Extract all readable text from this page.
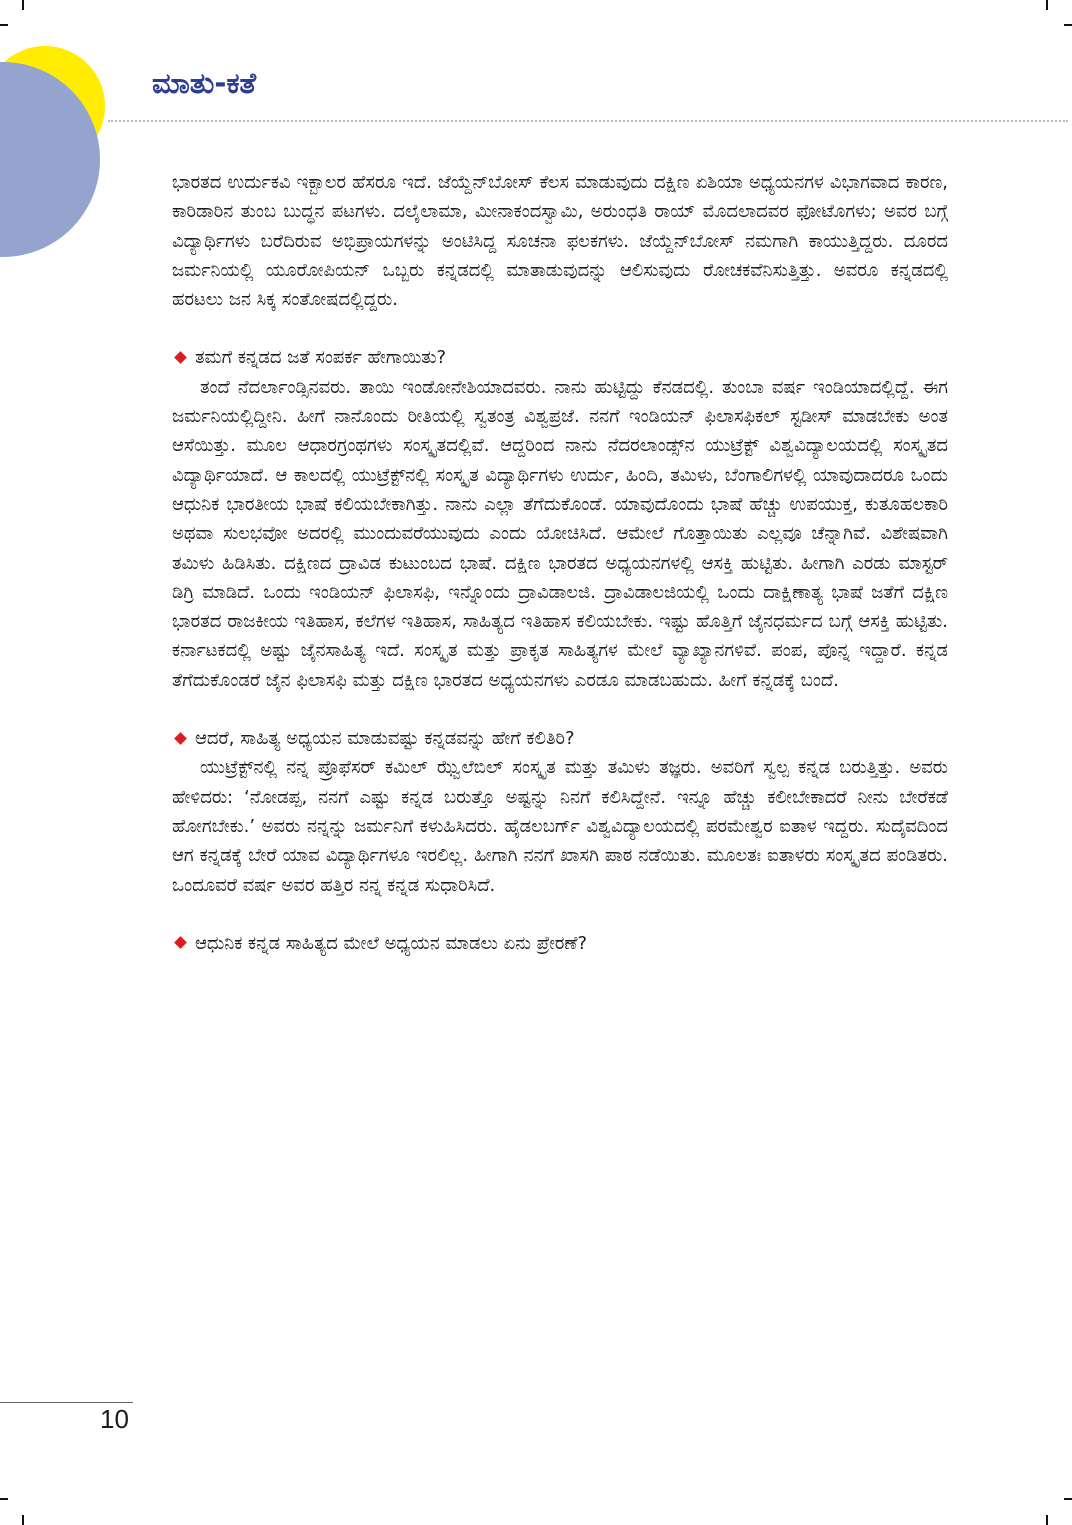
ಮಾತು-ಕತೆ

ಭಾರತದ ಉರ್ದುಕವಿ ಇಕ್ಬಾಲರ ಹೆಸರೂ ಇದೆ. ಜೆಯ್ದೆನ್‌ಬೋಸ್ ಕೆಲಸ ಮಾಡುವುದು ದಕ್ಷಿಣ ಏಶಿಯಾ ಅಧ್ಯಯನಗಳ ವಿಭಾಗವಾದ ಕಾರಣ, ಕಾರಿಡಾರಿನ ತುಂಬ ಬುದ್ಧನ ಪಟಗಳು. ದಲೈಲಾಮಾ, ಮೀನಾಕಂದಸ್ವಾಮಿ, ಅರುಂಧತಿ ರಾಯ್ ಮೊದಲಾದವರ ಫೋಟೊಗಳು; ಅವರ ಬಗ್ಗೆ ವಿದ್ಯಾರ್ಥಿಗಳು ಬರೆದಿರುವ ಅಭಿಪ್ರಾಯಗಳನ್ನು ಅಂಟಿಸಿದ್ದ ಸೂಚನಾ ಫಲಕಗಳು. ಜೆಯ್ದೆನ್‌ಬೋಸ್ ನಮಗಾಗಿ ಕಾಯುತ್ತಿದ್ದರು. ದೂರದ ಜರ್ಮನಿಯಲ್ಲಿ ಯೂರೋಪಿಯನ್ ಒಬ್ಬರು ಕನ್ನಡದಲ್ಲಿ ಮಾತಾಡುವುದನ್ನು ಆಲಿಸುವುದು ರೋಚಕವೆನಿಸುತ್ತಿತ್ತು. ಅವರೂ ಕನ್ನಡದಲ್ಲಿ ಹರಟಲು ಜನ ಸಿಕ್ಕ ಸಂತೋಷದಲ್ಲಿದ್ದರು.

ತಮಗೆ ಕನ್ನಡದ ಜತೆ ಸಂಪರ್ಕ ಹೇಗಾಯಿತು?

ತಂದೆ ನೆದರ್ಲಾಂಡ್ಸಿನವರು. ತಾಯಿ ಇಂಡೋನೇಶಿಯಾದವರು. ನಾನು ಹುಟ್ಟಿದ್ದು ಕೆನಡದಲ್ಲಿ. ತುಂಬಾ ವರ್ಷ ಇಂಡಿಯಾದಲ್ಲಿದ್ದೆ. ಈಗ ಜರ್ಮನಿಯಲ್ಲಿದ್ದೀನಿ. ಹೀಗೆ ನಾನೊಂದು ರೀತಿಯಲ್ಲಿ ಸ್ವತಂತ್ರ ವಿಶ್ವಪ್ರಜೆ. ನನಗೆ ಇಂಡಿಯನ್ ಫಿಲಾಸಫಿಕಲ್ ಸ್ಟಡೀಸ್ ಮಾಡಬೇಕು ಅಂತ ಆಸೆಯಿತ್ತು. ಮೂಲ ಆಧಾರಗ್ರಂಥಗಳು ಸಂಸ್ಕೃತದಲ್ಲಿವೆ. ಆದ್ದರಿಂದ ನಾನು ನೆದರಲಾಂಡ್ಸ್‌ನ ಯುಟ್ರೆಕ್ಟ್ ವಿಶ್ವವಿದ್ಯಾಲಯದಲ್ಲಿ ಸಂಸ್ಕೃತದ ವಿದ್ಯಾರ್ಥಿಯಾದೆ. ಆ ಕಾಲದಲ್ಲಿ ಯುಟ್ರೆಕ್ಟ್‌ನಲ್ಲಿ ಸಂಸ್ಕೃತ ವಿದ್ಯಾರ್ಥಿಗಳು ಉರ್ದು, ಹಿಂದಿ, ತಮಿಳು, ಬೆಂಗಾಲಿಗಳಲ್ಲಿ ಯಾವುದಾದರೂ ಒಂದು ಆಧುನಿಕ ಭಾರತೀಯ ಭಾಷೆ ಕಲಿಯಬೇಕಾಗಿತ್ತು. ನಾನು ಎಲ್ಲಾ ತೆಗೆದುಕೊಂಡೆ. ಯಾವುದೊಂದು ಭಾಷೆ ಹೆಚ್ಚು ಉಪಯುಕ್ತ, ಕುತೂಹಲಕಾರಿ ಅಥವಾ ಸುಲಭವೋ ಅದರಲ್ಲಿ ಮುಂದುವರೆಯುವುದು ಎಂದು ಯೋಚಿಸಿದೆ. ಆಮೇಲೆ ಗೊತ್ತಾಯಿತು ಎಲ್ಲವೂ ಚೆನ್ನಾಗಿವೆ. ವಿಶೇಷವಾಗಿ ತಮಿಳು ಹಿಡಿಸಿತು. ದಕ್ಷಿಣದ ದ್ರಾವಿಡ ಕುಟುಂಬದ ಭಾಷೆ. ದಕ್ಷಿಣ ಭಾರತದ ಅಧ್ಯಯನಗಳಲ್ಲಿ ಆಸಕ್ತಿ ಹುಟ್ಟಿತು. ಹೀಗಾಗಿ ಎರಡು ಮಾಸ್ಟರ್ ಡಿಗ್ರಿ ಮಾಡಿದೆ. ಒಂದು ಇಂಡಿಯನ್ ಫಿಲಾಸಫಿ, ಇನ್ನೊಂದು ದ್ರಾವಿಡಾಲಜಿ. ದ್ರಾವಿಡಾಲಜಿಯಲ್ಲಿ ಒಂದು ದಾಕ್ಷಿಣಾತ್ಯ ಭಾಷೆ ಜತೆಗೆ ದಕ್ಷಿಣ ಭಾರತದ ರಾಜಕೀಯ ಇತಿಹಾಸ, ಕಲೆಗಳ ಇತಿಹಾಸ, ಸಾಹಿತ್ಯದ ಇತಿಹಾಸ ಕಲಿಯಬೇಕು. ಇಷ್ಟು ಹೊತ್ತಿಗೆ ಜೈನಧರ್ಮದ ಬಗ್ಗೆ ಆಸಕ್ತಿ ಹುಟ್ಟಿತು. ಕರ್ನಾಟಕದಲ್ಲಿ ಅಷ್ಟು ಜೈನಸಾಹಿತ್ಯ ಇದೆ. ಸಂಸ್ಕೃತ ಮತ್ತು ಪ್ರಾಕೃತ ಸಾಹಿತ್ಯಗಳ ಮೇಲೆ ವ್ಯಾಖ್ಯಾನಗಳಿವೆ. ಪಂಪ, ಪೊನ್ನ ಇದ್ದಾರೆ. ಕನ್ನಡ ತೆಗೆದುಕೊಂಡರೆ ಜೈನ ಫಿಲಾಸಫಿ ಮತ್ತು ದಕ್ಷಿಣ ಭಾರತದ ಅಧ್ಯಯನಗಳು ಎರಡೂ ಮಾಡಬಹುದು. ಹೀಗೆ ಕನ್ನಡಕ್ಕೆ ಬಂದೆ.

ಆದರೆ, ಸಾಹಿತ್ಯ ಅಧ್ಯಯನ ಮಾಡುವಷ್ಟು ಕನ್ನಡವನ್ನು ಹೇಗೆ ಕಲಿತಿರಿ?

ಯುಟ್ರೆಕ್ಟ್‌ನಲ್ಲಿ ನನ್ನ ಪ್ರೊಫೆಸರ್ ಕಮಿಲ್ ಝ್ವೆಲೆಬಿಲ್ ಸಂಸ್ಕೃತ ಮತ್ತು ತಮಿಳು ತಜ್ಞರು. ಅವರಿಗೆ ಸ್ವಲ್ಪ ಕನ್ನಡ ಬರುತ್ತಿತ್ತು. ಅವರು ಹೇಳಿದರು: ‘ನೋಡಪ್ಪ, ನನಗೆ ಎಷ್ಟು ಕನ್ನಡ ಬರುತ್ತೊ ಅಷ್ಟನ್ನು ನಿನಗೆ ಕಲಿಸಿದ್ದೇನೆ. ಇನ್ನೂ ಹೆಚ್ಚು ಕಲೀಬೇಕಾದರೆ ನೀನು ಬೇರೆಕಡೆ ಹೋಗಬೇಕು.’ ಅವರು ನನ್ನನ್ನು ಜರ್ಮನಿಗೆ ಕಳುಹಿಸಿದರು. ಹೈಡಲಬರ್ಗ್ ವಿಶ್ವವಿದ್ಯಾಲಯದಲ್ಲಿ ಪರಮೇಶ್ವರ ಐತಾಳ ಇದ್ದರು. ಸುದೈವದಿಂದ ಆಗ ಕನ್ನಡಕ್ಕೆ ಬೇರೆ ಯಾವ ವಿದ್ಯಾರ್ಥಿಗಳೂ ಇರಲಿಲ್ಲ. ಹೀಗಾಗಿ ನನಗೆ ಖಾಸಗಿ ಪಾಠ ನಡೆಯಿತು. ಮೂಲತಃ ಐತಾಳರು ಸಂಸ್ಕೃತದ ಪಂಡಿತರು. ಒಂದೂವರೆ ವರ್ಷ ಅವರ ಹತ್ತಿರ ನನ್ನ ಕನ್ನಡ ಸುಧಾರಿಸಿದೆ.

ಆಧುನಿಕ ಕನ್ನಡ ಸಾಹಿತ್ಯದ ಮೇಲೆ ಅಧ್ಯಯನ ಮಾಡಲು ಏನು ಪ್ರೇರಣೆ?

10
